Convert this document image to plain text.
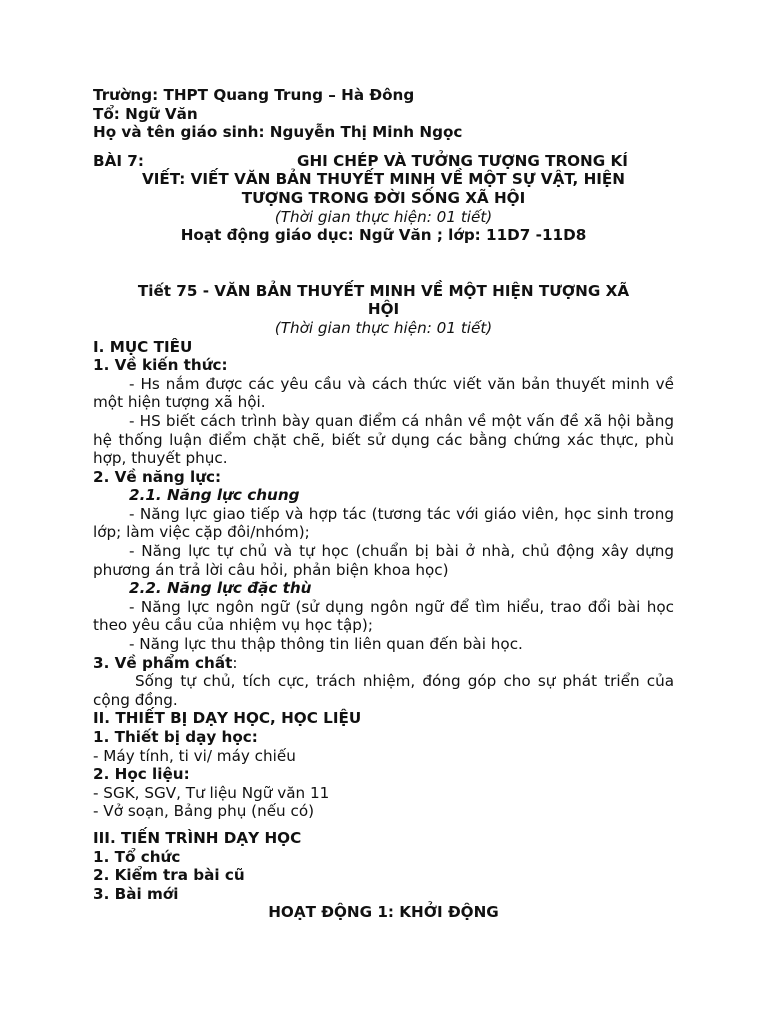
Trường: THPT Quang Trung – Hà Đông
Tổ: Ngữ Văn
Họ và tên giáo sinh: Nguyễn Thị Minh Ngọc
BÀI 7:	GHI CHÉP VÀ TƯỞNG TƯỢNG TRONG KÍ
VIẾT: VIẾT VĂN BẢN THUYẾT MINH VỀ MỘT SỰ VẬT, HIỆN
TƯỢNG TRONG ĐỜI SỐNG XÃ HỘI
(Thời gian thực hiện: 01 tiết)
Hoạt động giáo dục: Ngữ Văn ; lớp: 11D7 -11D8
Tiết 75 - VĂN BẢN THUYẾT MINH VỀ MỘT HIỆN TƯỢNG XÃ
HỘI
(Thời gian thực hiện: 01 tiết)
I. MỤC TIÊU
1. Về kiến thức:
- Hs nắm được các yêu cầu và cách thức viết văn bản thuyết minh về một hiện tượng xã hội.
- HS biết cách trình bày quan điểm cá nhân về một vấn đề xã hội bằng hệ thống luận điểm chặt chẽ, biết sử dụng các bằng chứng xác thực, phù hợp, thuyết phục.
2. Về năng lực:
2.1. Năng lực chung
- Năng lực giao tiếp và hợp tác (tương tác với giáo viên, học sinh trong lớp; làm việc cặp đôi/nhóm);
- Năng lực tự chủ và tự học (chuẩn bị bài ở nhà, chủ động xây dựng phương án trả lời câu hỏi, phản biện khoa học)
2.2. Năng lực đặc thù
- Năng lực ngôn ngữ (sử dụng ngôn ngữ để tìm hiểu, trao đổi bài học theo yêu cầu của nhiệm vụ học tập);
- Năng lực thu thập thông tin liên quan đến bài học.
3. Về phẩm chất:
Sống tự chủ, tích cực, trách nhiệm, đóng góp cho sự phát triển của cộng đồng.
II. THIẾT BỊ DẠY HỌC, HỌC LIỆU
1. Thiết bị dạy học:
- Máy tính, ti vi/ máy chiếu
2. Học liệu:
- SGK, SGV, Tư liệu Ngữ văn 11
- Vở soạn, Bảng phụ (nếu có)
III. TIẾN TRÌNH DẠY HỌC
1. Tổ chức
2. Kiểm tra bài cũ
3. Bài mới
HOẠT ĐỘNG 1: KHỞI ĐỘNG
